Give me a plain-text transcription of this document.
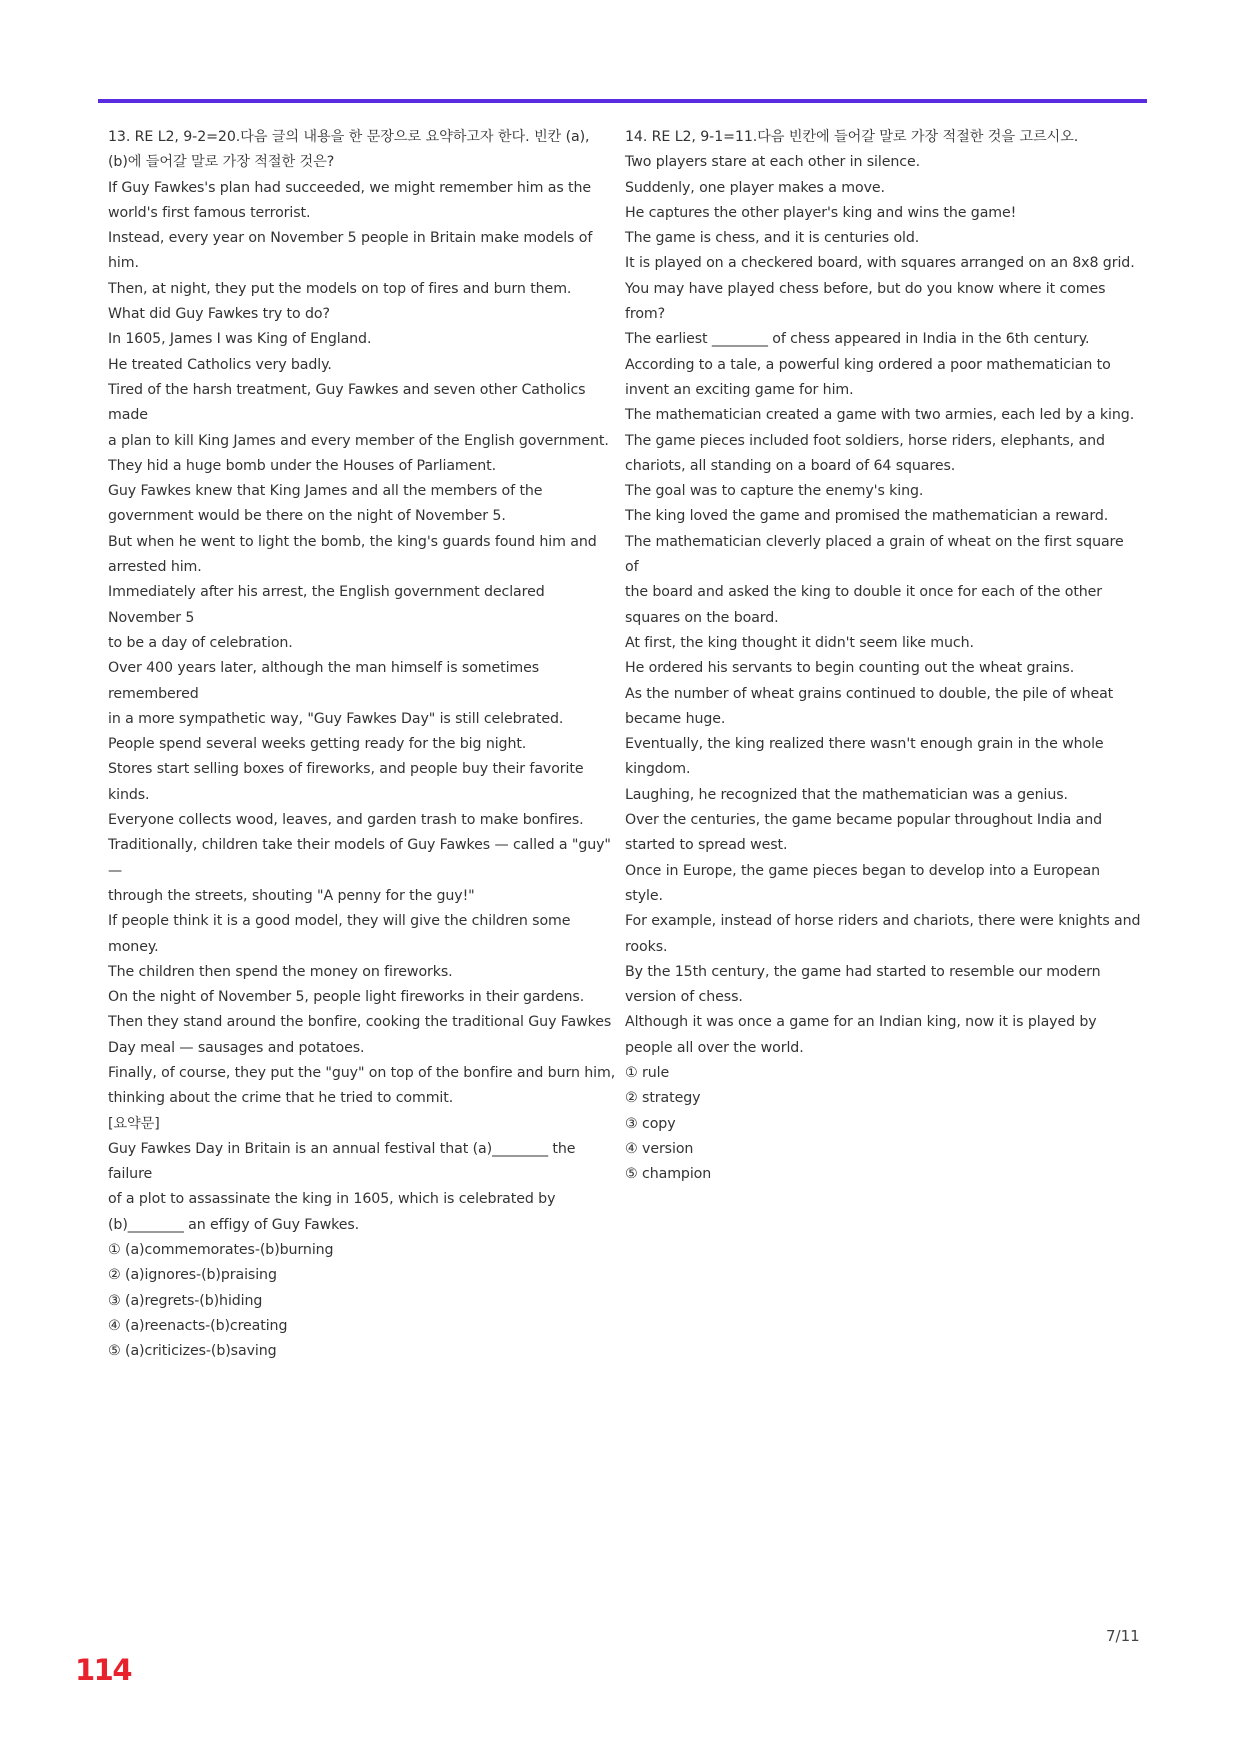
13. RE L2, 9-2=20.다음 글의 내용을 한 문장으로 요약하고자 한다. 빈칸 (a),

(b)에 들어갈 말로 가장 적절한 것은?

If Guy Fawkes's plan had succeeded, we might remember him as the

world's first famous terrorist.

Instead, every year on November 5 people in Britain make models of him.

Then, at night, they put the models on top of fires and burn them.

What did Guy Fawkes try to do?

In 1605, James I was King of England.

He treated Catholics very badly.

Tired of the harsh treatment, Guy Fawkes and seven other Catholics made

a plan to kill King James and every member of the English government.

They hid a huge bomb under the Houses of Parliament.

Guy Fawkes knew that King James and all the members of the

government would be there on the night of November 5.

But when he went to light the bomb, the king's guards found him and

arrested him.

Immediately after his arrest, the English government declared November 5

to be a day of celebration.

Over 400 years later, although the man himself is sometimes remembered

in a more sympathetic way, "Guy Fawkes Day" is still celebrated.

People spend several weeks getting ready for the big night.

Stores start selling boxes of fireworks, and people buy their favorite kinds.

Everyone collects wood, leaves, and garden trash to make bonfires.

Traditionally, children take their models of Guy Fawkes — called a "guy" —

through the streets, shouting "A penny for the guy!"

If people think it is a good model, they will give the children some money.

The children then spend the money on fireworks.

On the night of November 5, people light fireworks in their gardens.

Then they stand around the bonfire, cooking the traditional Guy Fawkes

Day meal — sausages and potatoes.

Finally, of course, they put the "guy" on top of the bonfire and burn him,

thinking about the crime that he tried to commit.

[요약문]

Guy Fawkes Day in Britain is an annual festival that (a)________ the failure

of a plot to assassinate the king in 1605, which is celebrated by

(b)________ an effigy of Guy Fawkes.

① (a)commemorates-(b)burning

② (a)ignores-(b)praising

③ (a)regrets-(b)hiding

④ (a)reenacts-(b)creating

⑤ (a)criticizes-(b)saving

14. RE L2, 9-1=11.다음 빈칸에 들어갈 말로 가장 적절한 것을 고르시오.

Two players stare at each other in silence.

Suddenly, one player makes a move.

He captures the other player's king and wins the game!

The game is chess, and it is centuries old.

It is played on a checkered board, with squares arranged on an 8x8 grid.

You may have played chess before, but do you know where it comes

from?

The earliest ________ of chess appeared in India in the 6th century.

According to a tale, a powerful king ordered a poor mathematician to

invent an exciting game for him.

The mathematician created a game with two armies, each led by a king.

The game pieces included foot soldiers, horse riders, elephants, and

chariots, all standing on a board of 64 squares.

The goal was to capture the enemy's king.

The king loved the game and promised the mathematician a reward.

The mathematician cleverly placed a grain of wheat on the first square of

the board and asked the king to double it once for each of the other

squares on the board.

At first, the king thought it didn't seem like much.

He ordered his servants to begin counting out the wheat grains.

As the number of wheat grains continued to double, the pile of wheat

became huge.

Eventually, the king realized there wasn't enough grain in the whole

kingdom.

Laughing, he recognized that the mathematician was a genius.

Over the centuries, the game became popular throughout India and

started to spread west.

Once in Europe, the game pieces began to develop into a European style.

For example, instead of horse riders and chariots, there were knights and

rooks.

By the 15th century, the game had started to resemble our modern

version of chess.

Although it was once a game for an Indian king, now it is played by

people all over the world.

① rule

② strategy

③ copy

④ version

⑤ champion

7/11
114
